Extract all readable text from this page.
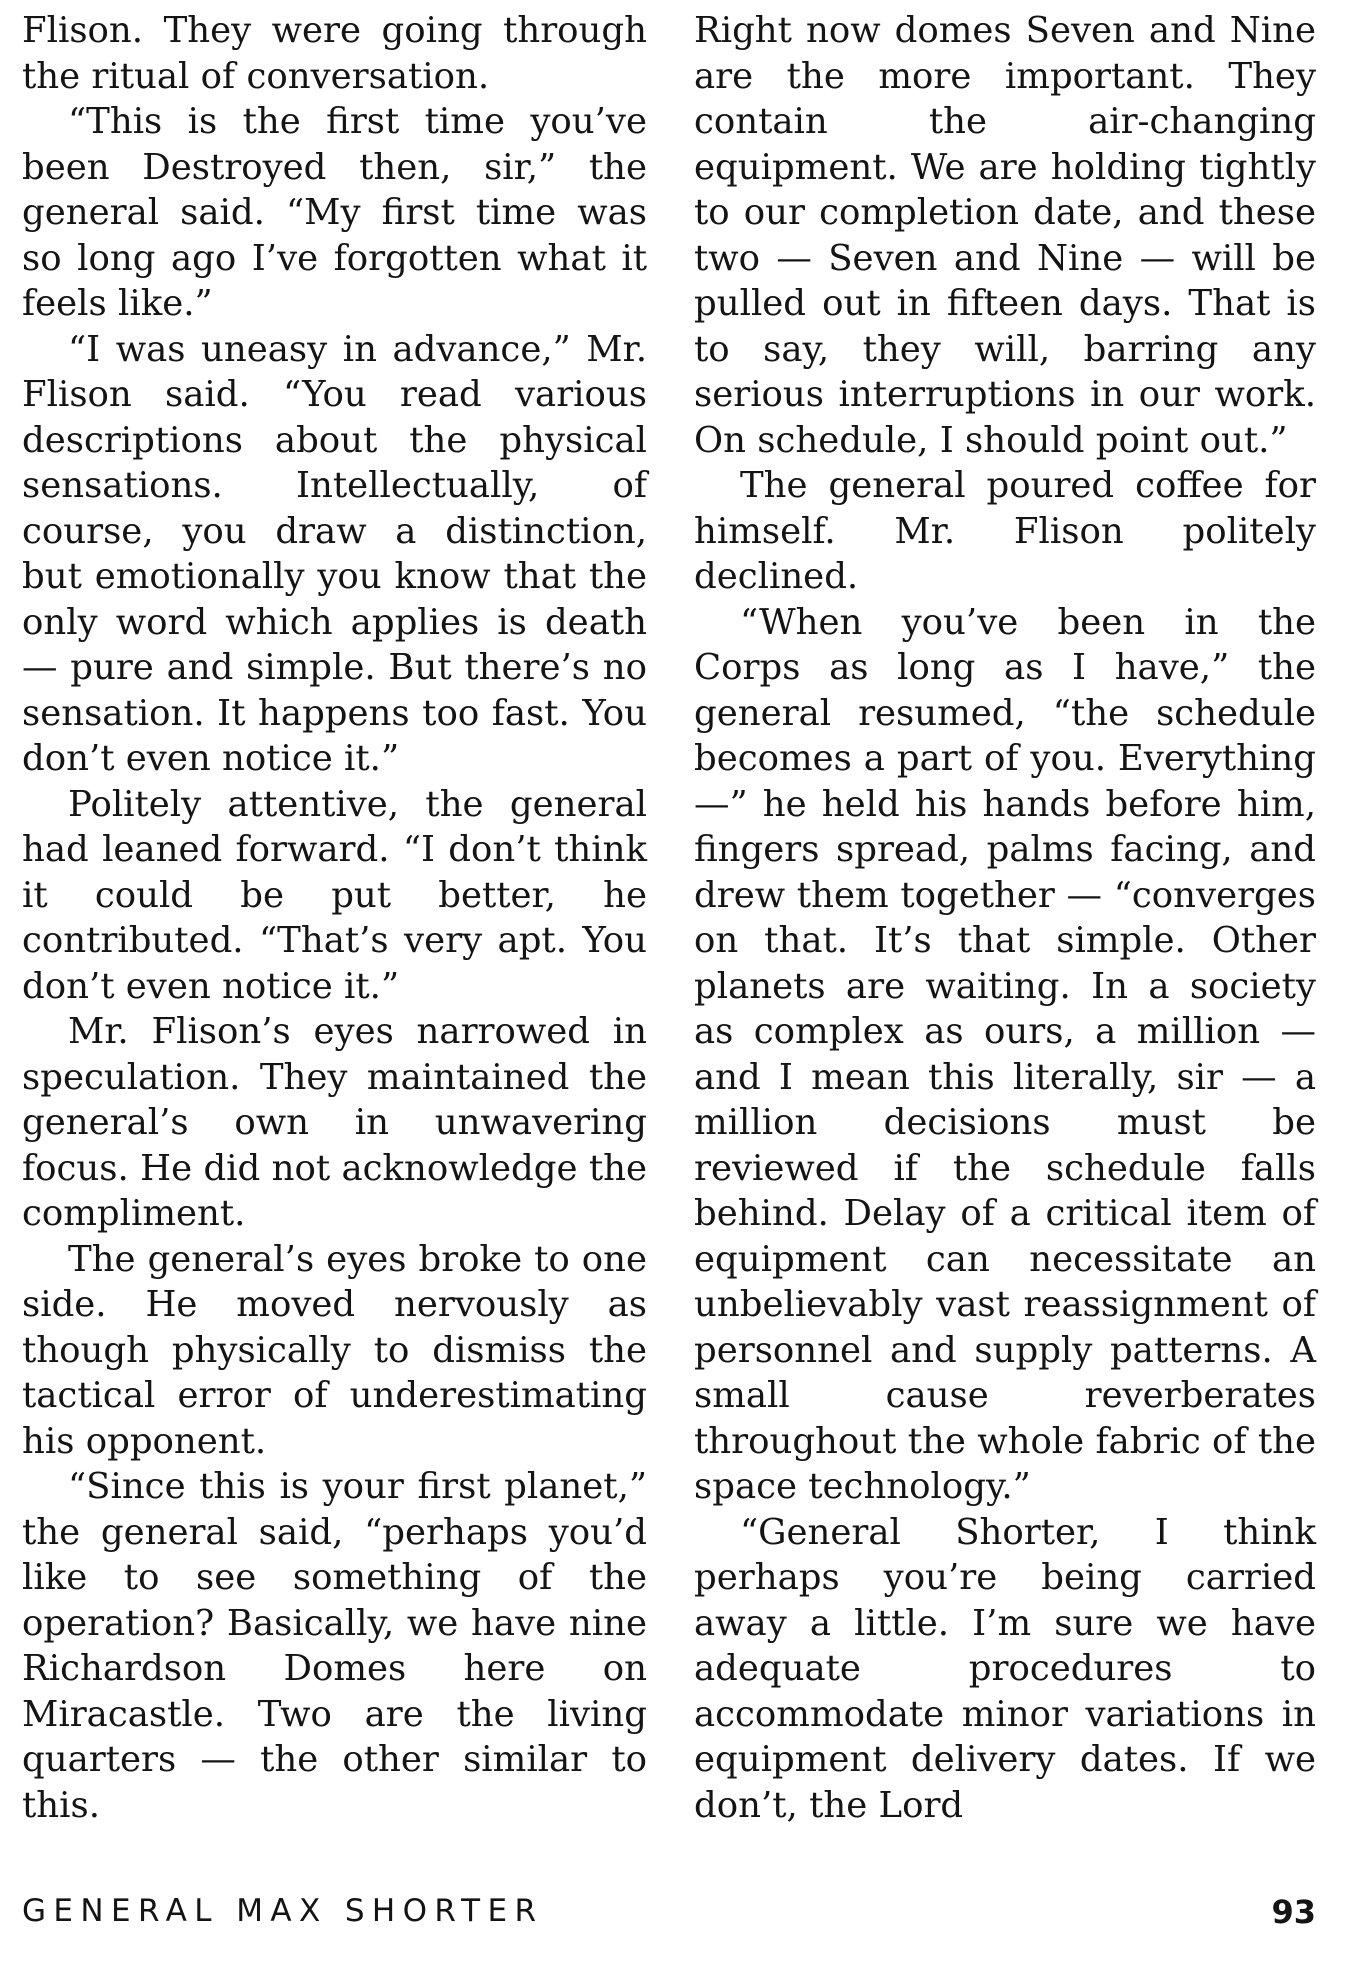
Flison. They were going through the ritual of conversation.

“This is the first time you’ve been Destroyed then, sir,” the general said. “My first time was so long ago I’ve forgotten what it feels like.”

“I was uneasy in advance,” Mr. Flison said. “You read various descriptions about the physical sensations. Intellectually, of course, you draw a distinction, but emotionally you know that the only word which applies is death — pure and simple. But there’s no sensation. It happens too fast. You don’t even notice it.”

Politely attentive, the general had leaned forward. “I don’t think it could be put better, he contributed. “That’s very apt. You don’t even notice it.”

Mr. Flison’s eyes narrowed in speculation. They maintained the general’s own in unwavering focus. He did not acknowledge the compliment.

The general’s eyes broke to one side. He moved nervously as though physically to dismiss the tactical error of underestimating his opponent.

“Since this is your first planet,” the general said, “perhaps you’d like to see something of the operation? Basically, we have nine Richardson Domes here on Miracastle. Two are the living quarters — the other similar to this.

Right now domes Seven and Nine are the more important. They contain the air-changing equipment. We are holding tightly to our completion date, and these two — Seven and Nine — will be pulled out in fifteen days. That is to say, they will, barring any serious interruptions in our work. On schedule, I should point out.”

The general poured coffee for himself. Mr. Flison politely declined.

“When you’ve been in the Corps as long as I have,” the general resumed, “the schedule becomes a part of you. Everything —” he held his hands before him, fingers spread, palms facing, and drew them together — “converges on that. It’s that simple. Other planets are waiting. In a society as complex as ours, a million — and I mean this literally, sir — a million decisions must be reviewed if the schedule falls behind. Delay of a critical item of equipment can necessitate an unbelievably vast reassignment of personnel and supply patterns. A small cause reverberates throughout the whole fabric of the space technology.”

“General Shorter, I think perhaps you’re being carried away a little. I’m sure we have adequate procedures to accommodate minor variations in equipment delivery dates. If we don’t, the Lord

GENERAL MAX SHORTER	93
